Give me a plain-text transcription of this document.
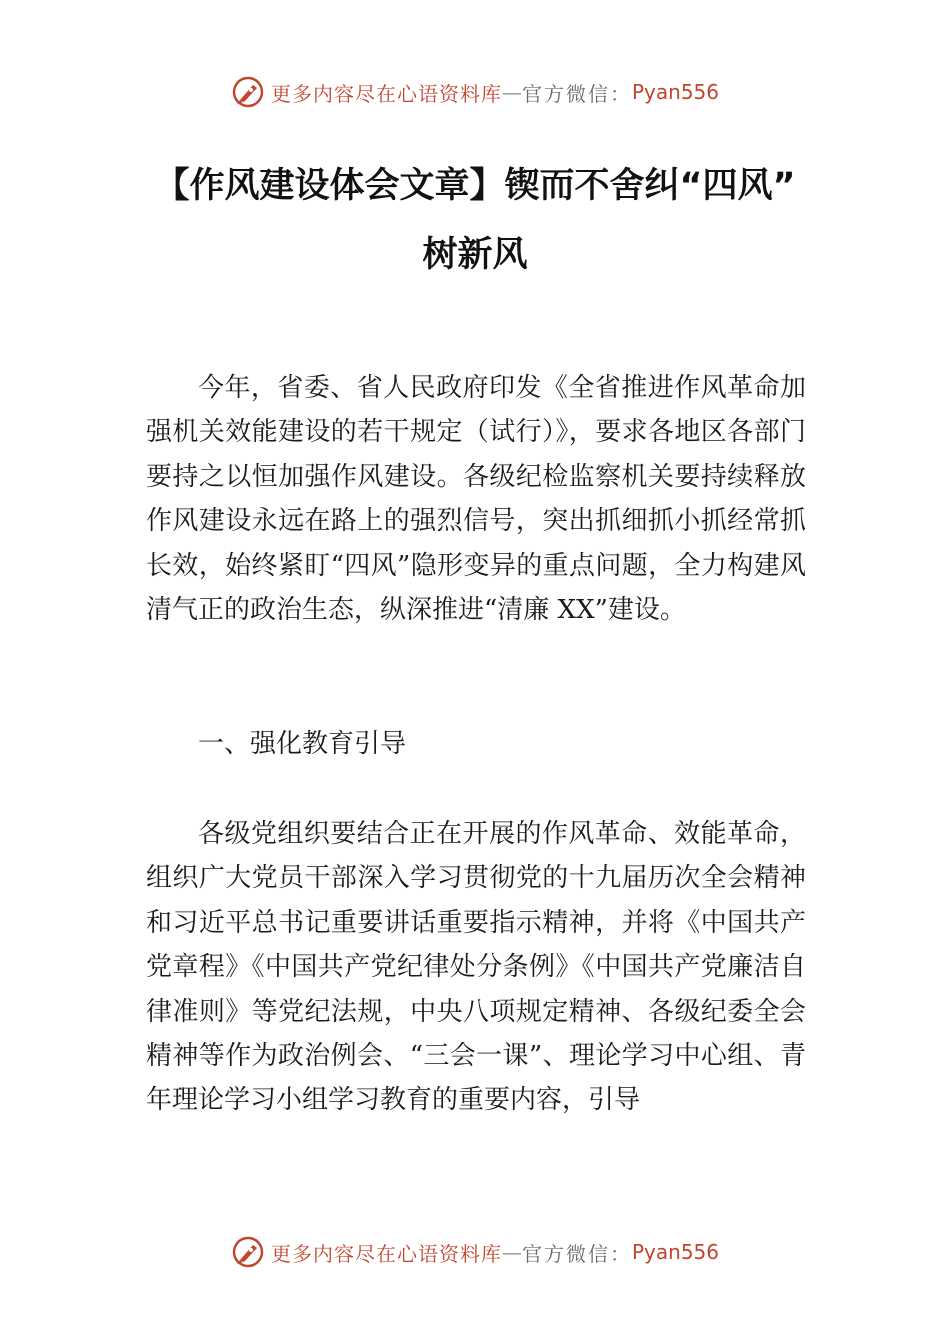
更多内容尽在心语资料库 — 官方微信： Pyan556
【作风建设体会文章】锲而不舍纠“四风”
树新风
今年，省委、省人民政府印发《全省推进作风革命加强机关效能建设的若干规定（试行）》，要求各地区各部门要持之以恒加强作风建设。各级纪检监察机关要持续释放作风建设永远在路上的强烈信号，突出抓细抓小抓经常抓长效，始终紧盯“四风”隐形变异的重点问题，全力构建风清气正的政治生态，纵深推进“清廉 XX”建设。
一、强化教育引导
各级党组织要结合正在开展的作风革命、效能革命，组织广大党员干部深入学习贯彻党的十九届历次全会精神和习近平总书记重要讲话重要指示精神，并将《中国共产党章程》《中国共产党纪律处分条例》《中国共产党廉洁自律准则》等党纪法规，中央八项规定精神、各级纪委全会精神等作为政治例会、“三会一课”、理论学习中心组、青年理论学习小组学习教育的重要内容，引导
更多内容尽在心语资料库 — 官方微信： Pyan556
